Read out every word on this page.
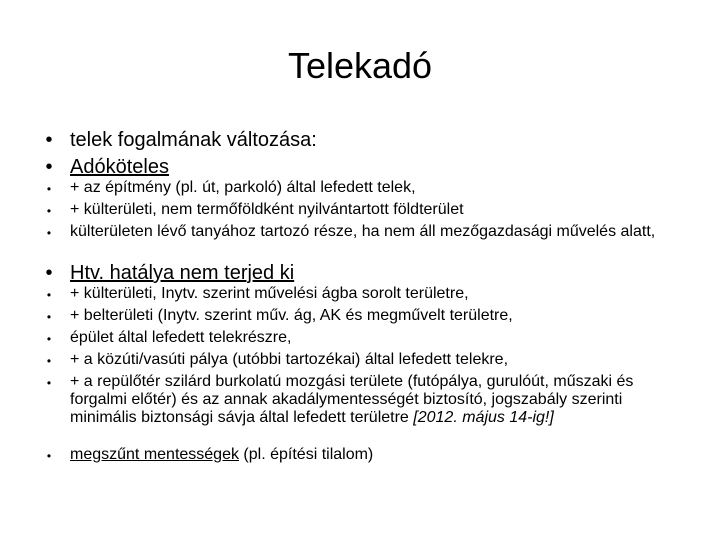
Telekadó
• telek fogalmának változása:
• Adóköteles
•	+ az építmény (pl. út, parkoló) által lefedett telek,
•	+ külterületi, nem termőföldként nyilvántartott földterület
•	külterületen lévő tanyához tartozó része, ha nem áll mezőgazdasági művelés alatt,
• Htv. hatálya nem terjed ki
•	+ külterületi, Inytv. szerint művelési ágba sorolt területre,
•	+ belterületi (Inytv. szerint műv. ág, AK és megművelt területre,
•	épület által lefedett telekrészre,
•	+ a közúti/vasúti pálya (utóbbi tartozékai) által lefedett telekre,
•	+ a repülőtér szilárd burkolatú mozgási területe (futópálya, gurulóút, műszaki és forgalmi előtér) és az annak akadálymentességét biztosító, jogszabály szerinti minimális biztonsági sávja által lefedett területre [2012. május 14-ig!]
•	megszűnt mentességek (pl. építési tilalom)
